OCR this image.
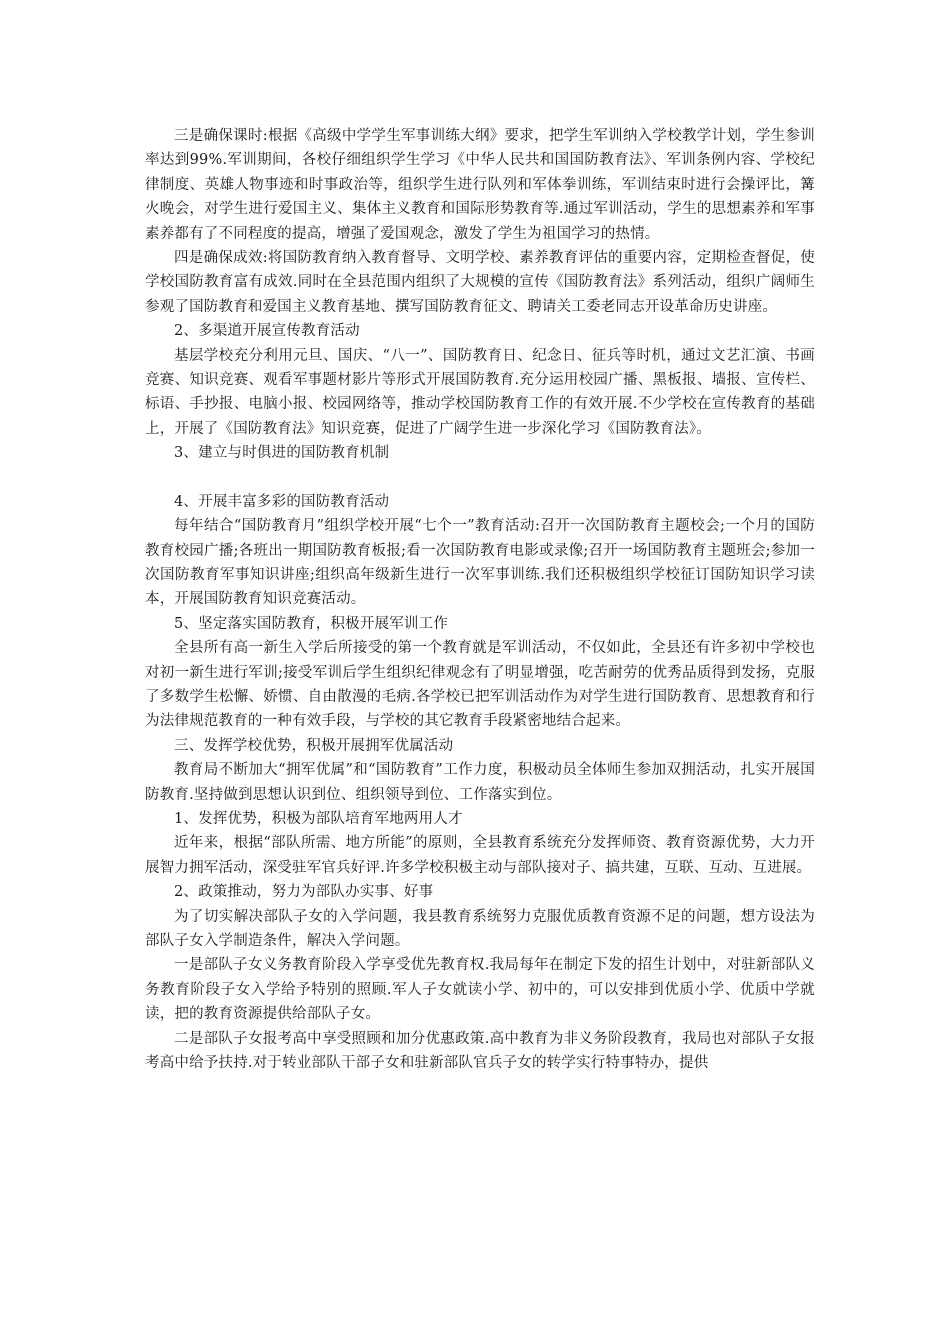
三是确保课时:根据《高级中学学生军事训练大纲》要求，把学生军训纳入学校教学计划，学生参训率达到99%.军训期间，各校仔细组织学生学习《中华人民共和国国防教育法》、军训条例内容、学校纪律制度、英雄人物事迹和时事政治等，组织学生进行队列和军体拳训练，军训结束时进行会操评比，篝火晚会，对学生进行爱国主义、集体主义教育和国际形势教育等.通过军训活动，学生的思想素养和军事素养都有了不同程度的提高，增强了爱国观念，激发了学生为祖国学习的热情。

四是确保成效:将国防教育纳入教育督导、文明学校、素养教育评估的重要内容，定期检查督促，使学校国防教育富有成效.同时在全县范围内组织了大规模的宣传《国防教育法》系列活动，组织广阔师生参观了国防教育和爱国主义教育基地、撰写国防教育征文、聘请关工委老同志开设革命历史讲座。

2、多渠道开展宣传教育活动

基层学校充分利用元旦、国庆、“八一”、国防教育日、纪念日、征兵等时机，通过文艺汇演、书画竞赛、知识竞赛、观看军事题材影片等形式开展国防教育.充分运用校园广播、黑板报、墙报、宣传栏、标语、手抄报、电脑小报、校园网络等，推动学校国防教育工作的有效开展.不少学校在宣传教育的基础上，开展了《国防教育法》知识竞赛，促进了广阔学生进一步深化学习《国防教育法》。

3、建立与时俱进的国防教育机制

4、开展丰富多彩的国防教育活动

每年结合“国防教育月”组织学校开展“七个一”教育活动:召开一次国防教育主题校会;一个月的国防教育校园广播;各班出一期国防教育板报;看一次国防教育电影或录像;召开一场国防教育主题班会;参加一次国防教育军事知识讲座;组织高年级新生进行一次军事训练.我们还积极组织学校征订国防知识学习读本，开展国防教育知识竞赛活动。

5、坚定落实国防教育，积极开展军训工作

全县所有高一新生入学后所接受的第一个教育就是军训活动，不仅如此，全县还有许多初中学校也对初一新生进行军训;接受军训后学生组织纪律观念有了明显增强，吃苦耐劳的优秀品质得到发扬，克服了多数学生松懈、娇惯、自由散漫的毛病.各学校已把军训活动作为对学生进行国防教育、思想教育和行为法律规范教育的一种有效手段，与学校的其它教育手段紧密地结合起来。

三、发挥学校优势，积极开展拥军优属活动

教育局不断加大“拥军优属”和“国防教育”工作力度，积极动员全体师生参加双拥活动，扎实开展国防教育.坚持做到思想认识到位、组织领导到位、工作落实到位。

1、发挥优势，积极为部队培育军地两用人才

近年来，根据“部队所需、地方所能”的原则，全县教育系统充分发挥师资、教育资源优势，大力开展智力拥军活动，深受驻军官兵好评.许多学校积极主动与部队接对子、搞共建，互联、互动、互进展。

2、政策推动，努力为部队办实事、好事

为了切实解决部队子女的入学问题，我县教育系统努力克服优质教育资源不足的问题，想方设法为部队子女入学制造条件，解决入学问题。

一是部队子女义务教育阶段入学享受优先教育权.我局每年在制定下发的招生计划中，对驻新部队义务教育阶段子女入学给予特别的照顾.军人子女就读小学、初中的，可以安排到优质小学、优质中学就读，把的教育资源提供给部队子女。

二是部队子女报考高中享受照顾和加分优惠政策.高中教育为非义务阶段教育，我局也对部队子女报考高中给予扶持.对于转业部队干部子女和驻新部队官兵子女的转学实行特事特办，提供
